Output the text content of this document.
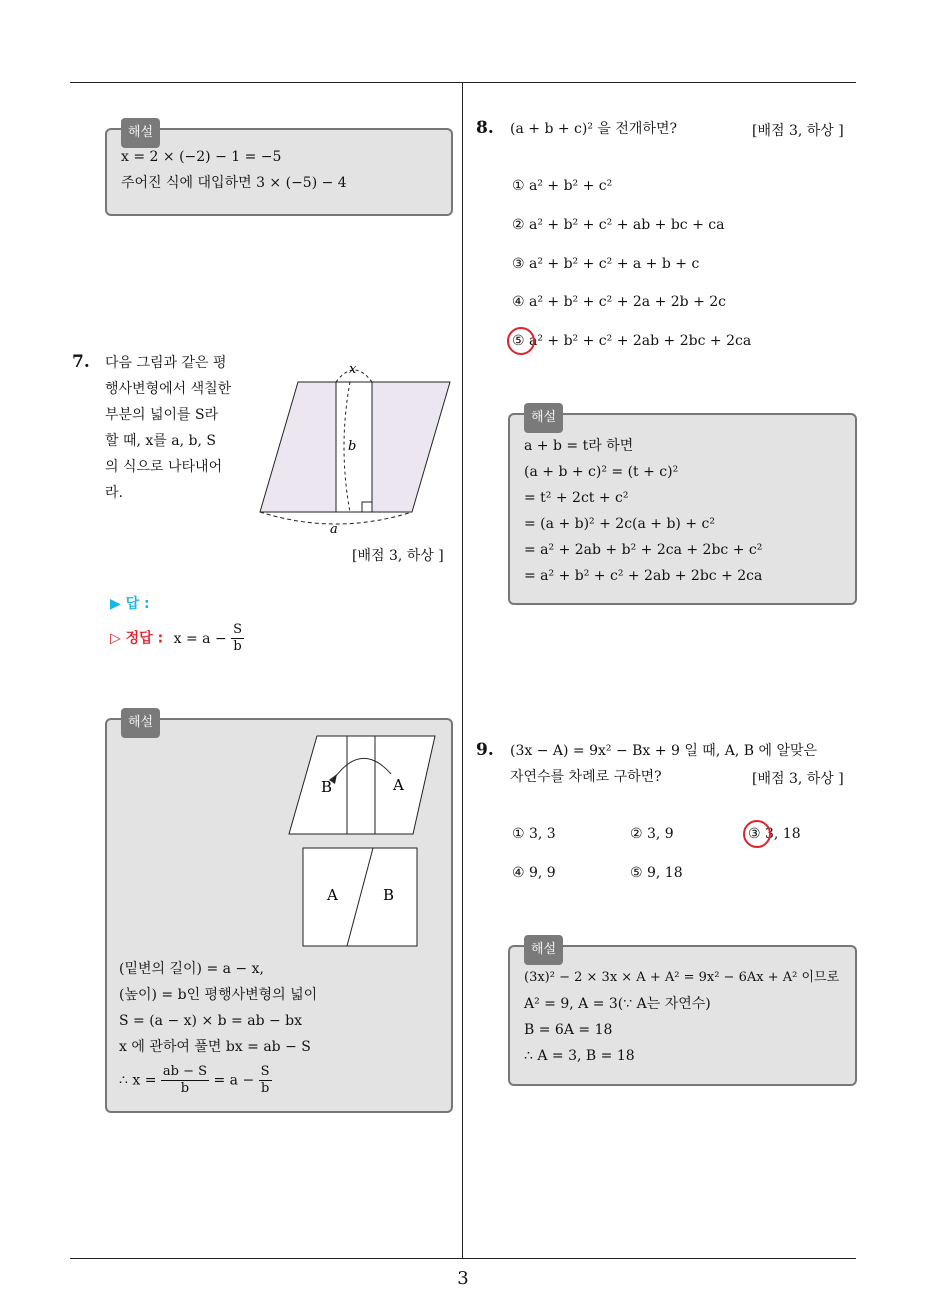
해설
x = 2 × (−2) − 1 = −5
주어진 식에 대입하면 3 × (−5) − 4
7. 다음 그림과 같은 평
행사변형에서 색칠한
부분의 넓이를 S라
할 때, x를 a, b, S
의 식으로 나타내어
라.
x
b
a
[배점 3, 하상 ]
▶ 답 :
▷ 정답 : $x = a - \frac{S}{b}$
해설
B	A
A	B
(밑변의 길이) = a − x,
(높이) = b인 평행사변형의 넓이
S = (a − x) × b = ab − bx
x 에 관하여 풀면 bx = ab − S
∴ $x = \frac{ab - S}{b} = a - \frac{S}{b}$
8. (a + b + c)² 을 전개하면?	[배점 3, 하상 ]
① a² + b² + c²
② a² + b² + c² + ab + bc + ca
③ a² + b² + c² + a + b + c
④ a² + b² + c² + 2a + 2b + 2c
⑤ a² + b² + c² + 2ab + 2bc + 2ca
해설
a + b = t라 하면
(a + b + c)² = (t + c)²
= t² + 2ct + c²
= (a + b)² + 2c(a + b) + c²
= a² + 2ab + b² + 2ca + 2bc + c²
= a² + b² + c² + 2ab + 2bc + 2ca
9. (3x − A) = 9x² − Bx + 9 일 때, A, B 에 알맞은
자연수를 차례로 구하면?	[배점 3, 하상 ]
① 3, 3	② 3, 9	③ 3, 18
④ 9, 9	⑤ 9, 18
해설
(3x)² − 2 × 3x × A + A² = 9x² − 6Ax + A² 이므로
A² = 9, A = 3(∵ A는 자연수)
B = 6A = 18
∴ A = 3, B = 18
3
